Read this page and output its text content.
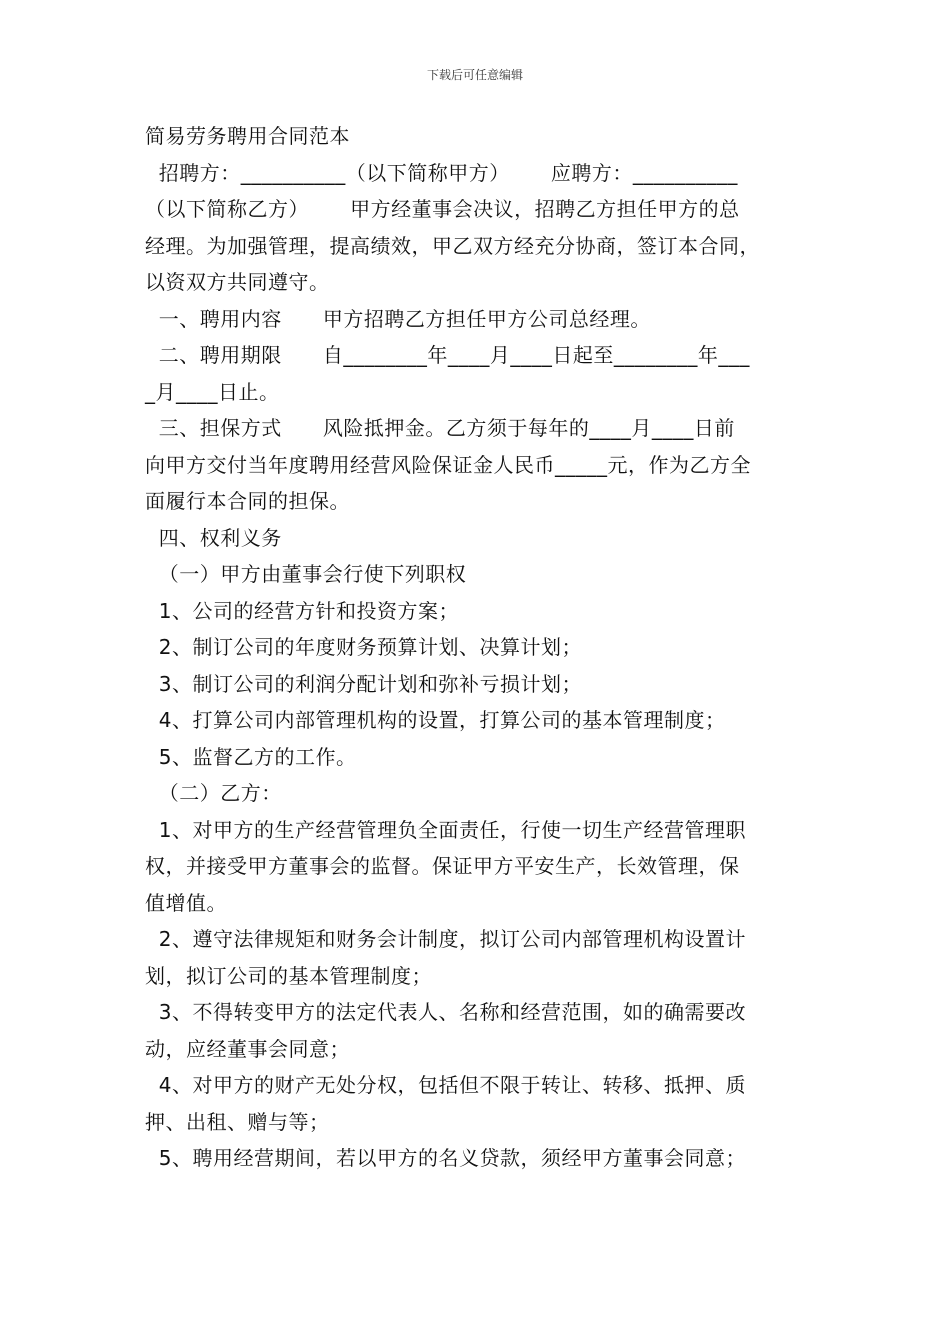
下载后可任意编辑
简易劳务聘用合同范本
招聘方：__________（以下简称甲方）      应聘方：__________
（以下简称乙方）      甲方经董事会决议，招聘乙方担任甲方的总
经理。为加强管理，提高绩效，甲乙双方经充分协商，签订本合同，
以资双方共同遵守。
一、聘用内容      甲方招聘乙方担任甲方公司总经理。
二、聘用期限      自________年____月____日起至________年___
_月____日止。
三、担保方式      风险抵押金。乙方须于每年的____月____日前
向甲方交付当年度聘用经营风险保证金人民币_____元，作为乙方全
面履行本合同的担保。
四、权利义务
（一）甲方由董事会行使下列职权
1、公司的经营方针和投资方案；
2、制订公司的年度财务预算计划、决算计划；
3、制订公司的利润分配计划和弥补亏损计划；
4、打算公司内部管理机构的设置，打算公司的基本管理制度；
5、监督乙方的工作。
（二）乙方：
1、对甲方的生产经营管理负全面责任，行使一切生产经营管理职
权，并接受甲方董事会的监督。保证甲方平安生产，长效管理，保
值增值。
2、遵守法律规矩和财务会计制度，拟订公司内部管理机构设置计
划，拟订公司的基本管理制度；
3、不得转变甲方的法定代表人、名称和经营范围，如的确需要改
动，应经董事会同意；
4、对甲方的财产无处分权，包括但不限于转让、转移、抵押、质
押、出租、赠与等；
5、聘用经营期间，若以甲方的名义贷款，须经甲方董事会同意；
